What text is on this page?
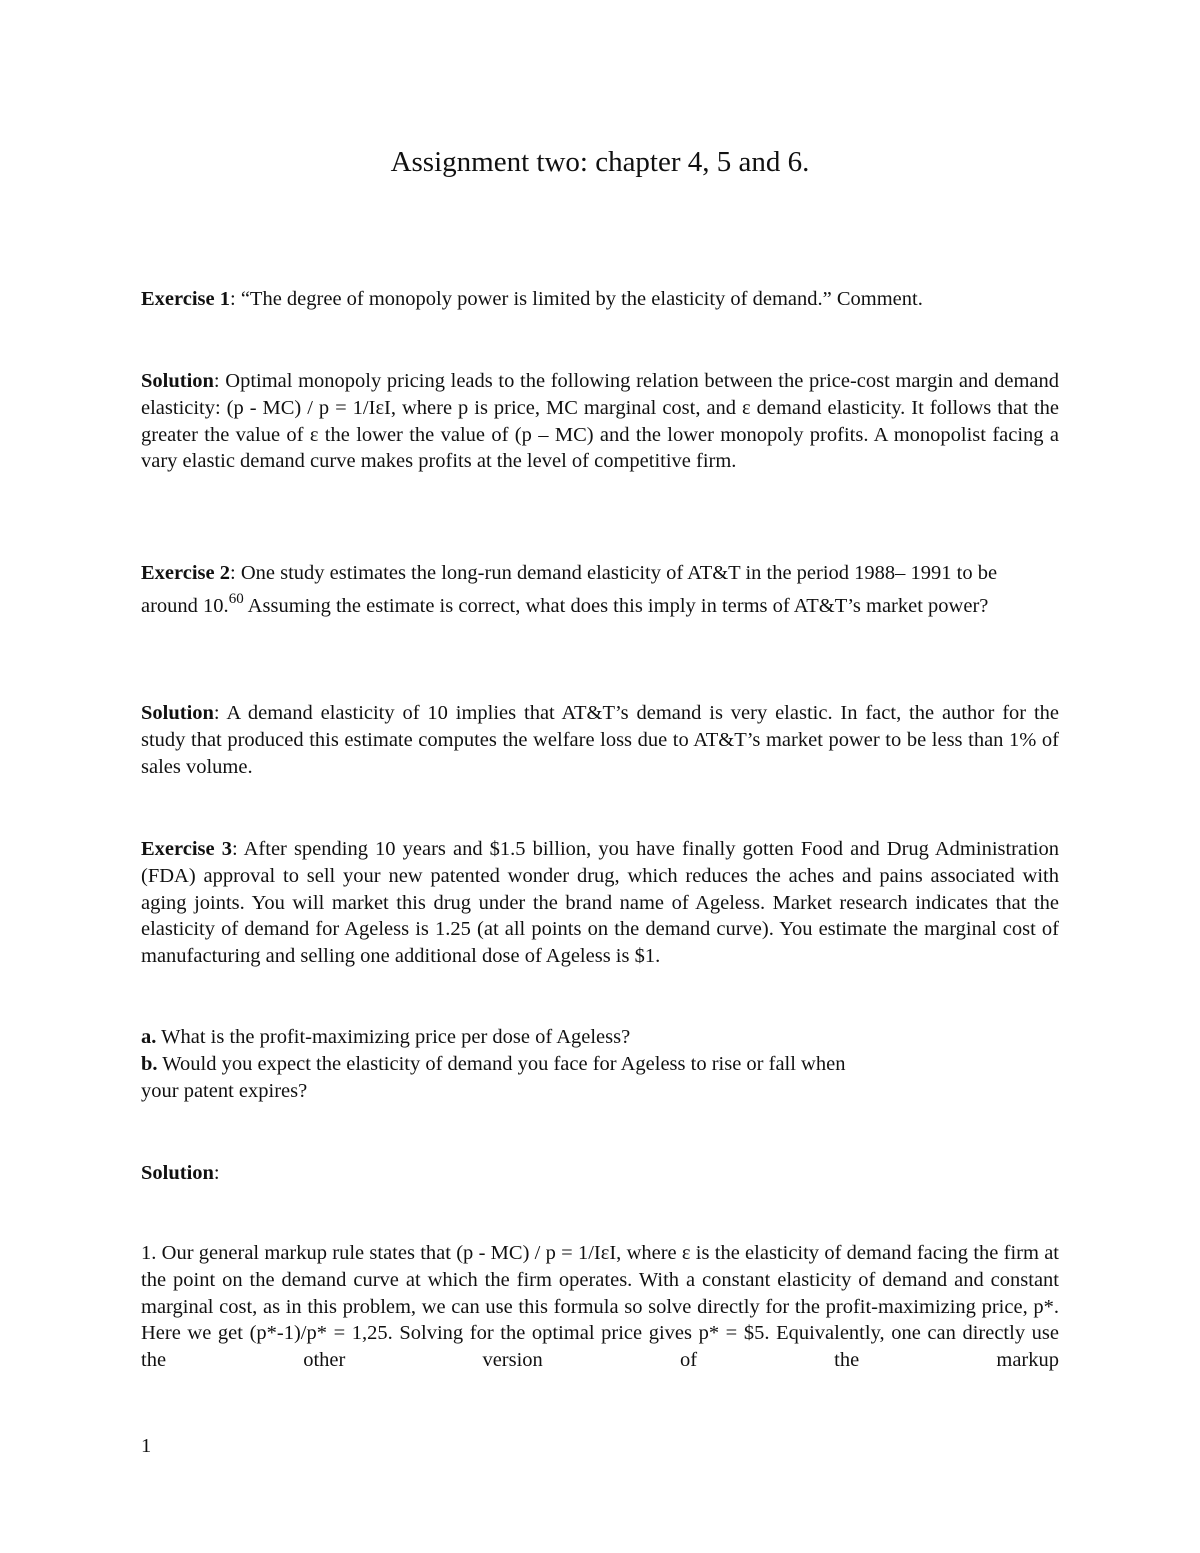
Assignment two: chapter 4, 5 and 6.
Exercise 1: “The degree of monopoly power is limited by the elasticity of demand.” Comment.
Solution: Optimal monopoly pricing leads to the following relation between the price-cost margin and demand elasticity: (p - MC) / p = 1/IεI, where p is price, MC marginal cost, and ε demand elasticity. It follows that the greater the value of ε the lower the value of (p – MC) and the lower monopoly profits. A monopolist facing a vary elastic demand curve makes profits at the level of competitive firm.
Exercise 2: One study estimates the long-run demand elasticity of AT&T in the period 1988– 1991 to be around 10.60 Assuming the estimate is correct, what does this imply in terms of AT&T’s market power?
Solution: A demand elasticity of 10 implies that AT&T’s demand is very elastic. In fact, the author for the study that produced this estimate computes the welfare loss due to AT&T’s market power to be less than 1% of sales volume.
Exercise 3: After spending 10 years and $1.5 billion, you have finally gotten Food and Drug Administration (FDA) approval to sell your new patented wonder drug, which reduces the aches and pains associated with aging joints. You will market this drug under the brand name of Ageless. Market research indicates that the elasticity of demand for Ageless is 1.25 (at all points on the demand curve). You estimate the marginal cost of manufacturing and selling one additional dose of Ageless is $1.
a. What is the profit-maximizing price per dose of Ageless?
b. Would you expect the elasticity of demand you face for Ageless to rise or fall when
your patent expires?
Solution:
1. Our general markup rule states that (p - MC) / p = 1/IεI, where ε is the elasticity of demand facing the firm at the point on the demand curve at which the firm operates. With a constant elasticity of demand and constant marginal cost, as in this problem, we can use this formula so solve directly for the profit-maximizing price, p*. Here we get (p*-1)/p* = 1,25. Solving for the optimal price gives p* = $5. Equivalently, one can directly use the other version of the markup
1
